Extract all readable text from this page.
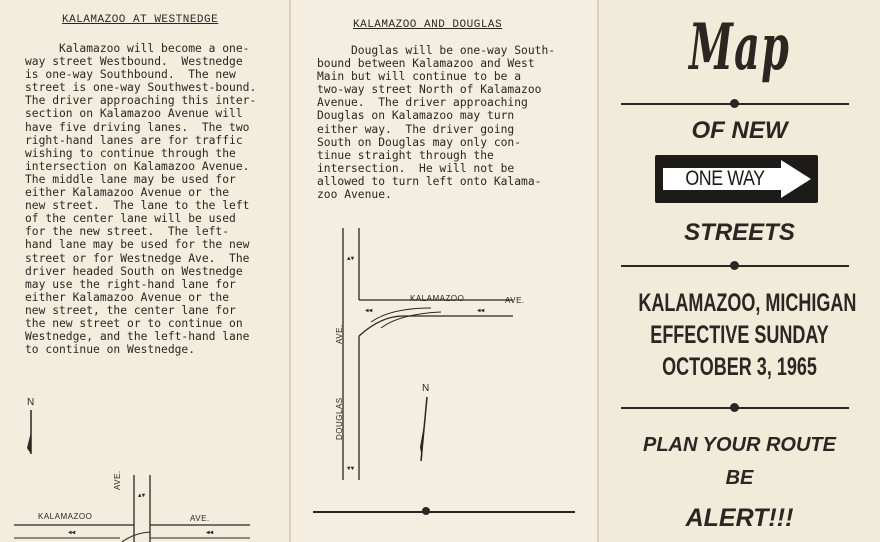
KALAMAZOO AT WESTNEDGE
Kalamazoo will become a one-
way street Westbound.  Westnedge
is one-way Southbound.  The new
street is one-way Southwest-bound.
The driver approaching this inter-
section on Kalamazoo Avenue will
have five driving lanes.  The two
right-hand lanes are for traffic
wishing to continue through the
intersection on Kalamazoo Avenue.
The middle lane may be used for
either Kalamazoo Avenue or the
new street.  The lane to the left
of the center lane will be used
for the new street.  The left-
hand lane may be used for the new
street or for Westnedge Ave.  The
driver headed South on Westnedge
may use the right-hand lane for
either Kalamazoo Avenue or the
new street, the center lane for
the new street or to continue on
Westnedge, and the left-hand lane
to continue on Westnedge.
N
▲▼
◀◀	◀◀
KALAMAZOO	AVE.
AVE.
KALAMAZOO AND DOUGLAS
Douglas will be one-way South-
bound between Kalamazoo and West
Main but will continue to be a
two-way street North of Kalamazoo
Avenue.  The driver approaching
Douglas on Kalamazoo may turn
either way.  The driver going
South on Douglas may only con-
tinue straight through the
intersection.  He will not be
allowed to turn left onto Kalama-
zoo Avenue.
▲▼
◀◀	◀◀
▼▼
KALAMAZOO	AVE.
DOUGLAS
AVE.
N
Map
OF NEW
ONE WAY
STREETS
KALAMAZOO, MICHIGAN
EFFECTIVE SUNDAY
OCTOBER 3, 1965
PLAN YOUR ROUTE
BE
ALERT!!!
